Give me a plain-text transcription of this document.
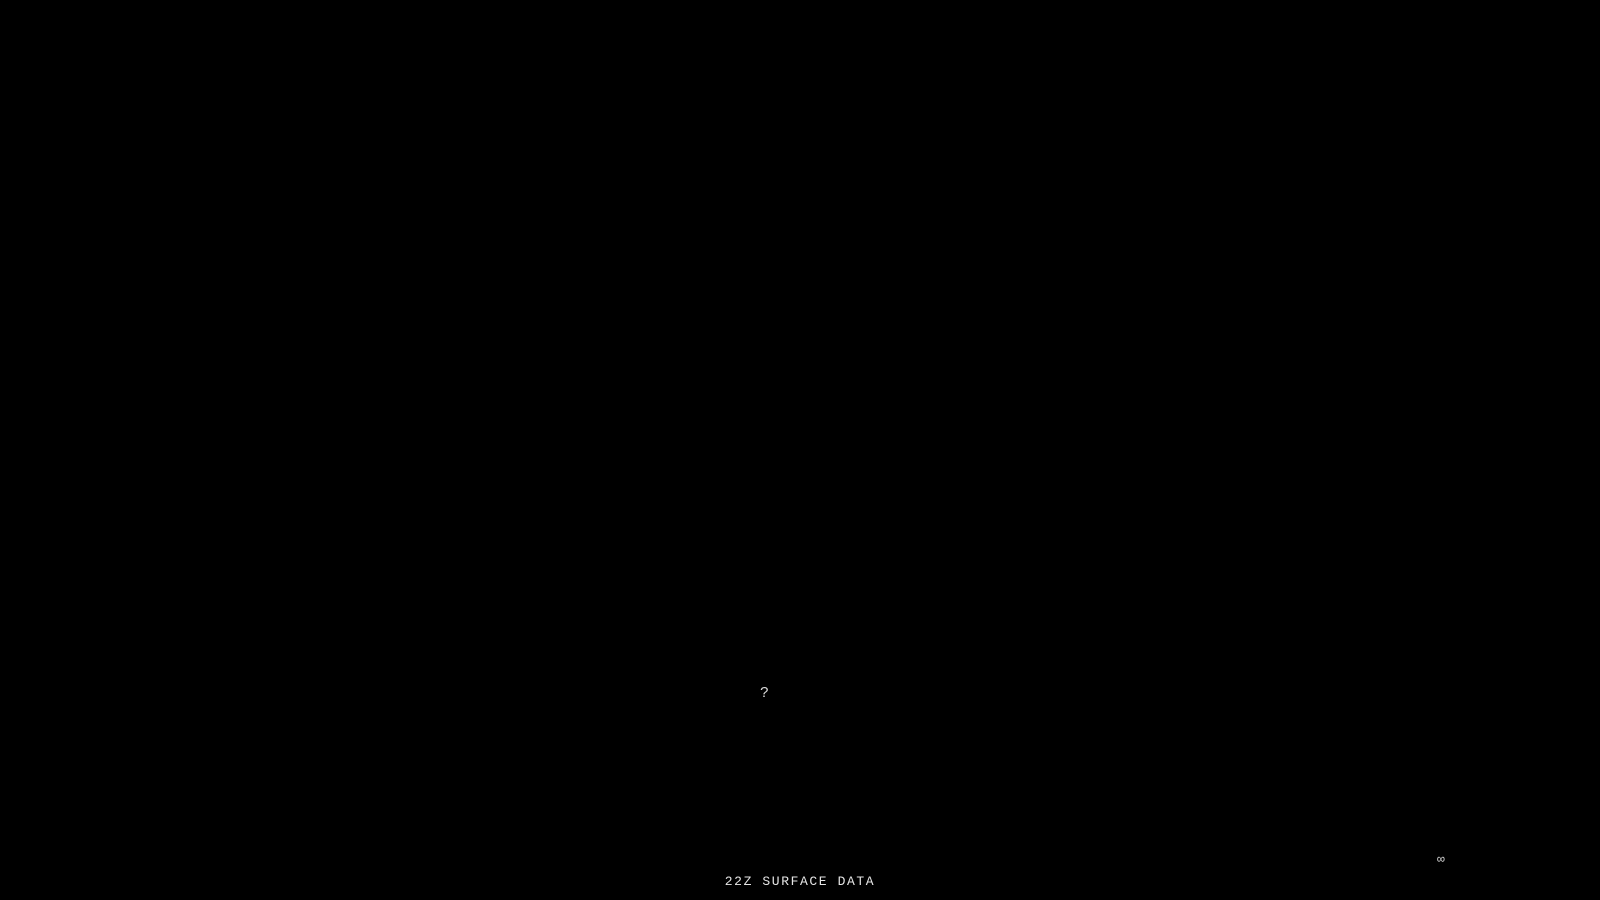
?
∞
22Z SURFACE DATA
